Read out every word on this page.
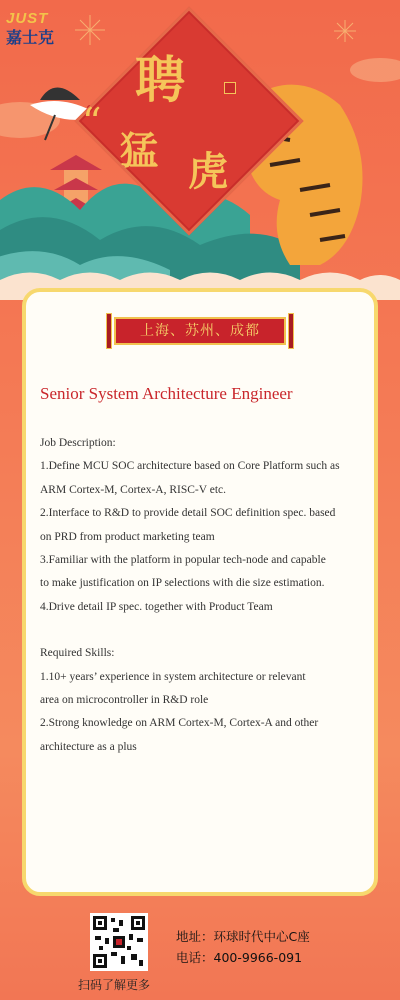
JUST
嘉士克
聘
“
猛 虎
上海、苏州、成都
Senior System Architecture Engineer

Job Description:

1.Define MCU SOC architecture based on Core Platform such as

ARM Cortex-M, Cortex-A, RISC-V etc.

2.Interface to R&D to provide detail SOC definition spec. based

on PRD from product marketing team

3.Familiar with the platform in popular tech-node and capable

to make justification on IP selections with die size estimation.

4.Drive detail IP spec. together with Product Team

Required Skills:

1.10+ years’ experience in system architecture or relevant

area on microcontroller in R&D role

2.Strong knowledge on ARM Cortex-M, Cortex-A and other

architecture as a plus

扫码了解更多
地址：环球时代中心C座
电话：400-9966-091
